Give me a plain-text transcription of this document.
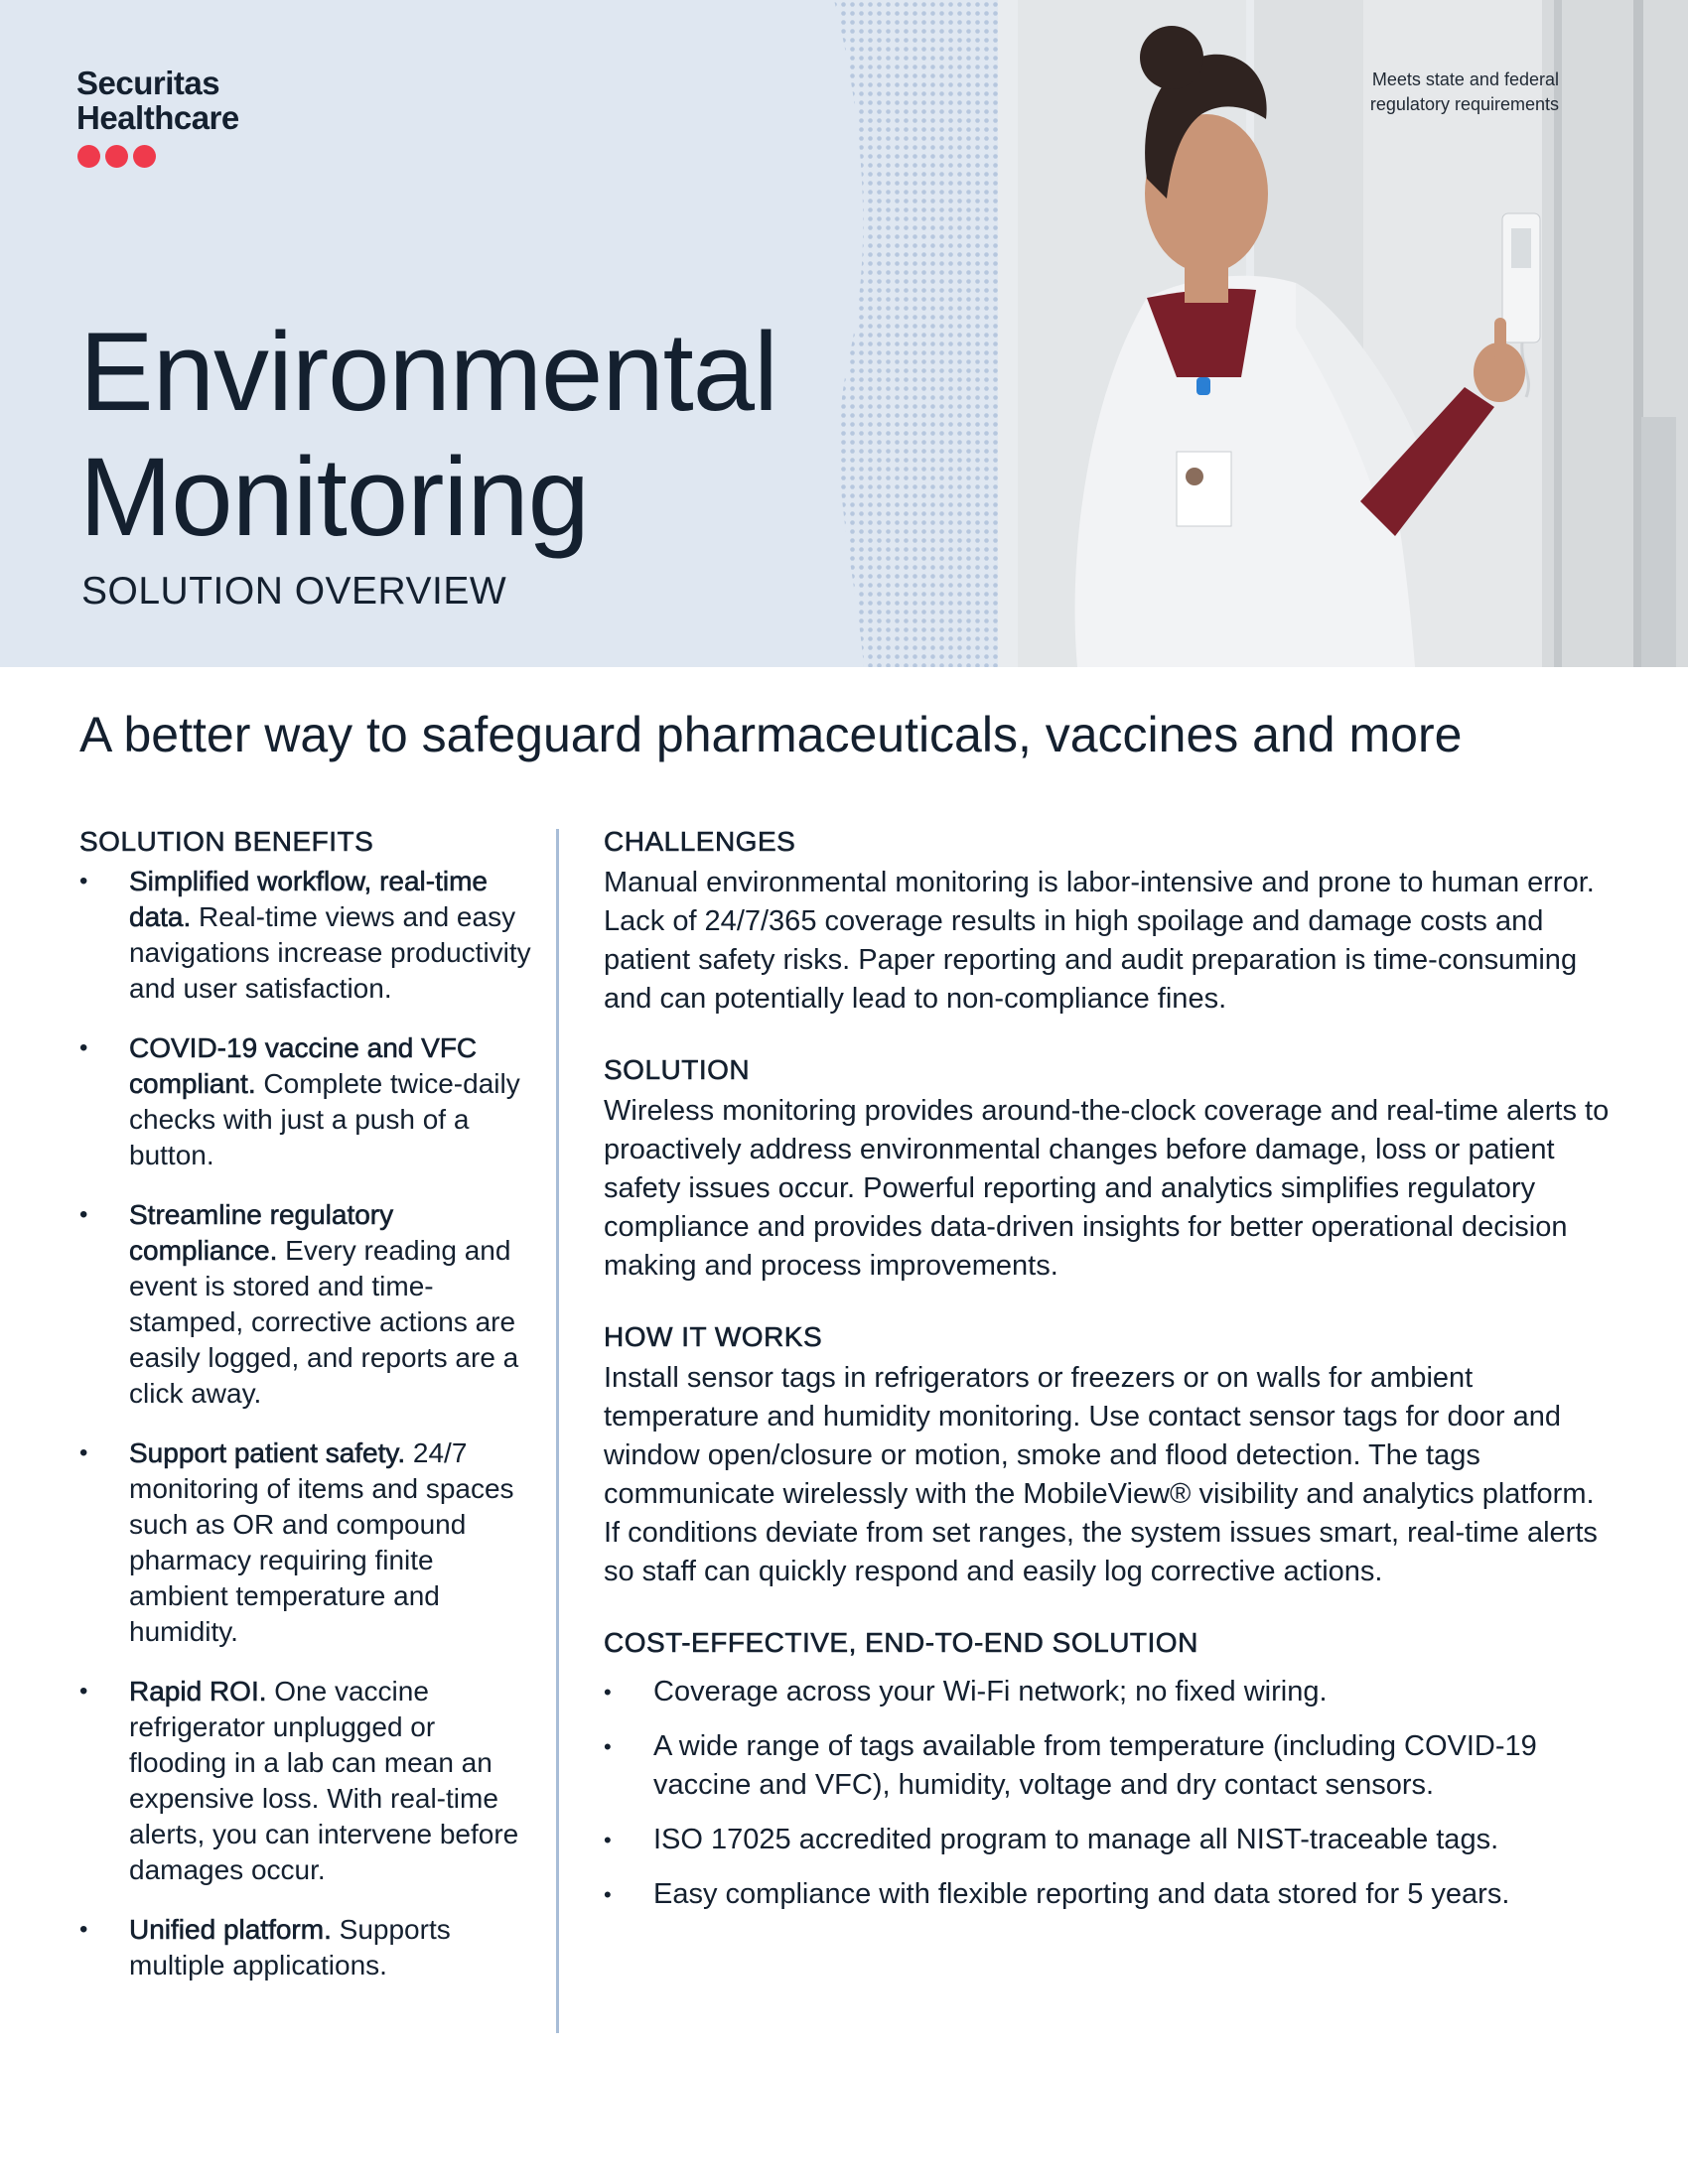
Securitas
Healthcare
Environmental
Monitoring
SOLUTION OVERVIEW
Meets state and federal
regulatory requirements
A better way to safeguard pharmaceuticals, vaccines and more
SOLUTION BENEFITS
• Simplified workflow, real-time data. Real-time views and easy navigations increase productivity and user satisfaction.
• COVID-19 vaccine and VFC compliant. Complete twice-daily checks with just a push of a button.
• Streamline regulatory compliance. Every reading and event is stored and time-stamped, corrective actions are easily logged, and reports are a click away.
• Support patient safety. 24/7 monitoring of items and spaces such as OR and compound pharmacy requiring finite ambient temperature and humidity.
• Rapid ROI. One vaccine refrigerator unplugged or flooding in a lab can mean an expensive loss. With real-time alerts, you can intervene before damages occur.
• Unified platform. Supports multiple applications.
CHALLENGES

Manual environmental monitoring is labor-intensive and prone to human error. Lack of 24/7/365 coverage results in high spoilage and damage costs and patient safety risks. Paper reporting and audit preparation is time-consuming and can potentially lead to non-compliance fines.

SOLUTION

Wireless monitoring provides around-the-clock coverage and real-time alerts to proactively address environmental changes before damage, loss or patient safety issues occur. Powerful reporting and analytics simplifies regulatory compliance and provides data-driven insights for better operational decision making and process improvements.

HOW IT WORKS

Install sensor tags in refrigerators or freezers or on walls for ambient temperature and humidity monitoring. Use contact sensor tags for door and window open/closure or motion, smoke and flood detection. The tags communicate wirelessly with the MobileView® visibility and analytics platform. If conditions deviate from set ranges, the system issues smart, real-time alerts so staff can quickly respond and easily log corrective actions.

COST-EFFECTIVE, END-TO-END SOLUTION
• Coverage across your Wi-Fi network; no fixed wiring.
• A wide range of tags available from temperature (including COVID-19 vaccine and VFC), humidity, voltage and dry contact sensors.
• ISO 17025 accredited program to manage all NIST-traceable tags.
• Easy compliance with flexible reporting and data stored for 5 years.
